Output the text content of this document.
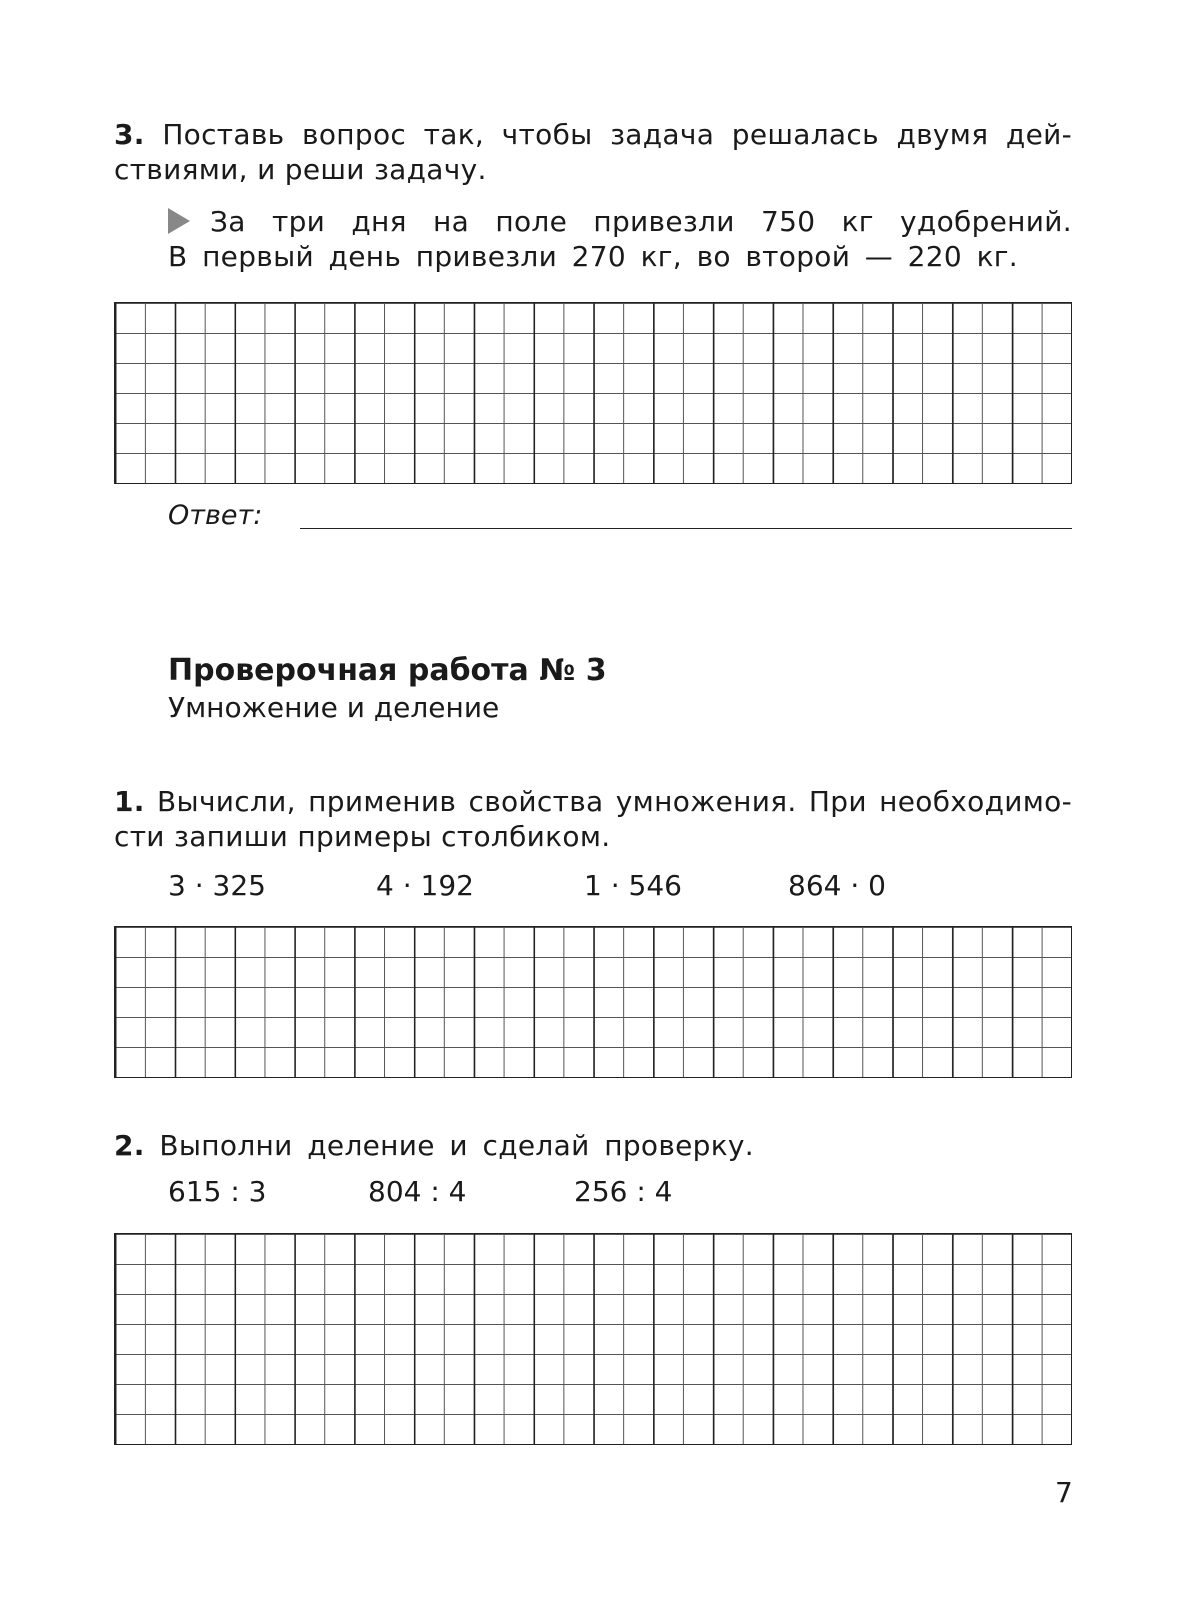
3. Поставь вопрос так, чтобы задача решалась двумя дей-
ствиями, и реши задачу.
За три дня на поле привезли 750 кг удобрений.
В первый день привезли 270 кг, во второй — 220 кг.
Ответ:
Проверочная работа № 3
Умножение и деление
1. Вычисли, применив свойства умножения. При необходимо-
сти запиши примеры столбиком.
3 · 325	4 · 192	1 · 546	864 · 0
2. Выполни деление и сделай проверку.
615 : 3	804 : 4	256 : 4
7
